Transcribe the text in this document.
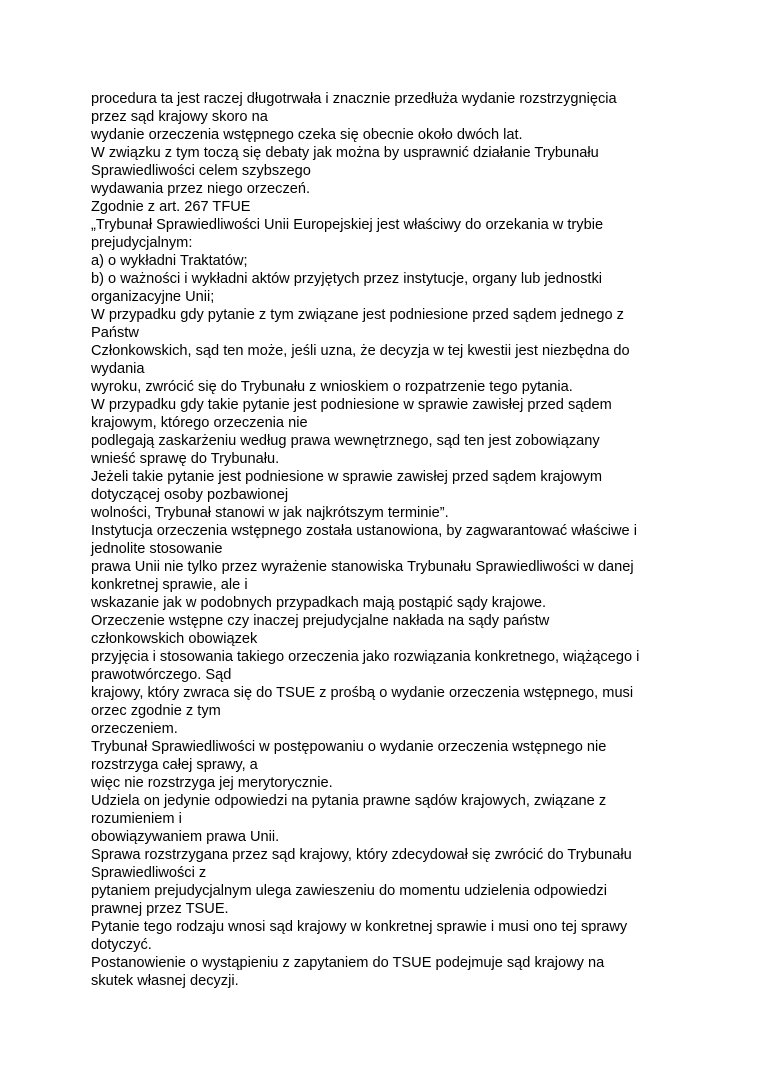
procedura ta jest raczej długotrwała i znacznie przedłuża wydanie rozstrzygnięcia
przez sąd krajowy skoro na
wydanie orzeczenia wstępnego czeka się obecnie około dwóch lat.
W związku z tym toczą się debaty jak można by usprawnić działanie Trybunału
Sprawiedliwości celem szybszego
wydawania przez niego orzeczeń.
Zgodnie z art. 267 TFUE
„Trybunał Sprawiedliwości Unii Europejskiej jest właściwy do orzekania w trybie
prejudycjalnym:
a) o wykładni Traktatów;
b) o ważności i wykładni aktów przyjętych przez instytucje, organy lub jednostki
organizacyjne Unii;
W przypadku gdy pytanie z tym związane jest podniesione przed sądem jednego z
Państw
Członkowskich, sąd ten może, jeśli uzna, że decyzja w tej kwestii jest niezbędna do
wydania
wyroku, zwrócić się do Trybunału z wnioskiem o rozpatrzenie tego pytania.
W przypadku gdy takie pytanie jest podniesione w sprawie zawisłej przed sądem
krajowym, którego orzeczenia nie
podlegają zaskarżeniu według prawa wewnętrznego, sąd ten jest zobowiązany
wnieść sprawę do Trybunału.
Jeżeli takie pytanie jest podniesione w sprawie zawisłej przed sądem krajowym
dotyczącej osoby pozbawionej
wolności, Trybunał stanowi w jak najkrótszym terminie”.
Instytucja orzeczenia wstępnego została ustanowiona, by zagwarantować właściwe i
jednolite stosowanie
prawa Unii nie tylko przez wyrażenie stanowiska Trybunału Sprawiedliwości w danej
konkretnej sprawie, ale i
wskazanie jak w podobnych przypadkach mają postąpić sądy krajowe.
Orzeczenie wstępne czy inaczej prejudycjalne nakłada na sądy państw
członkowskich obowiązek
przyjęcia i stosowania takiego orzeczenia jako rozwiązania konkretnego, wiążącego i
prawotwórczego. Sąd
krajowy, który zwraca się do TSUE z prośbą o wydanie orzeczenia wstępnego, musi
orzec zgodnie z tym
orzeczeniem.
Trybunał Sprawiedliwości w postępowaniu o wydanie orzeczenia wstępnego nie
rozstrzyga całej sprawy, a
więc nie rozstrzyga jej merytorycznie.
Udziela on jedynie odpowiedzi na pytania prawne sądów krajowych, związane z
rozumieniem i
obowiązywaniem prawa Unii.
Sprawa rozstrzygana przez sąd krajowy, który zdecydował się zwrócić do Trybunału
Sprawiedliwości z
pytaniem prejudycjalnym ulega zawieszeniu do momentu udzielenia odpowiedzi
prawnej przez TSUE.
Pytanie tego rodzaju wnosi sąd krajowy w konkretnej sprawie i musi ono tej sprawy
dotyczyć.
Postanowienie o wystąpieniu z zapytaniem do TSUE podejmuje sąd krajowy na
skutek własnej decyzji.
